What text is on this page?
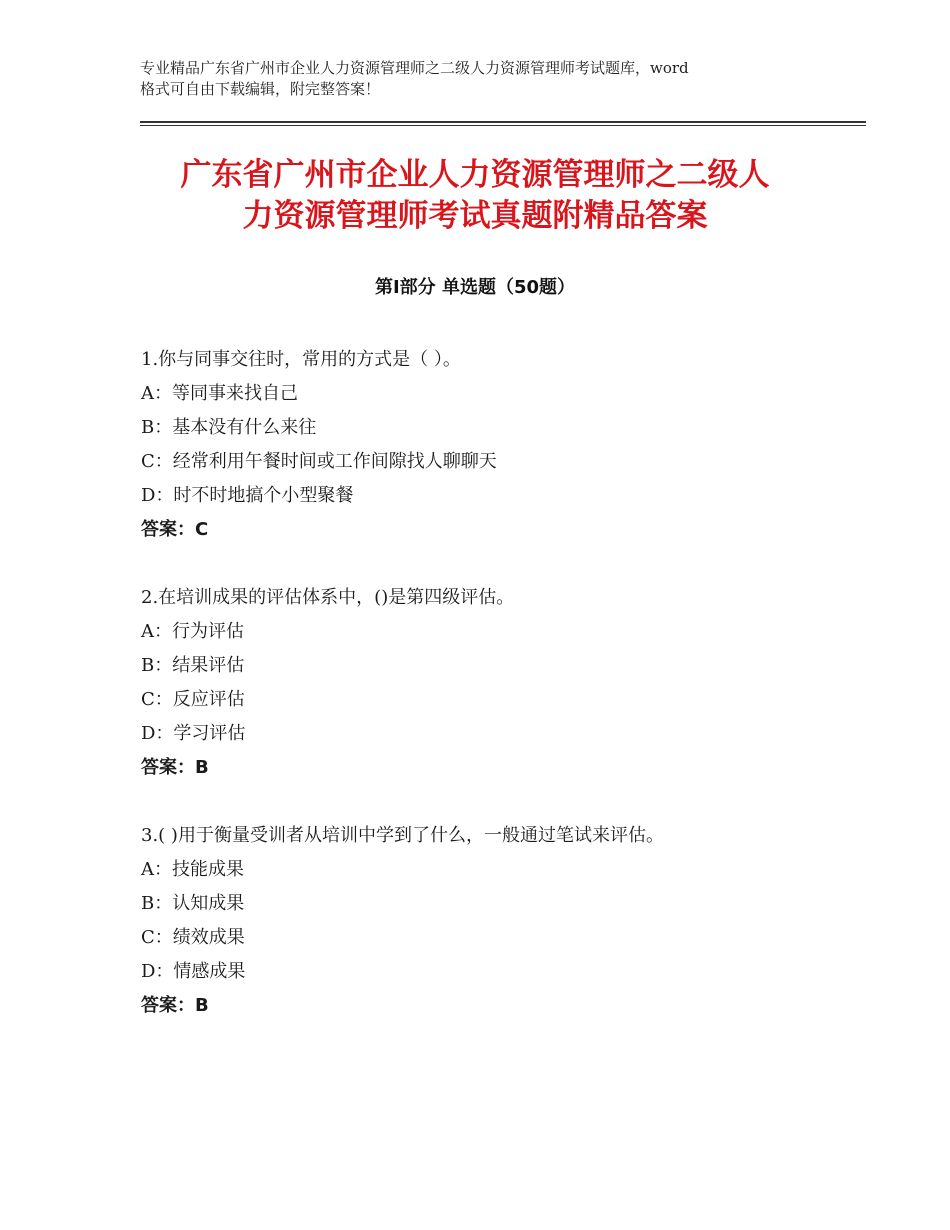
专业精品广东省广州市企业人力资源管理师之二级人力资源管理师考试题库，word
格式可自由下载编辑，附完整答案！
广东省广州市企业人力资源管理师之二级人
力资源管理师考试真题附精品答案
第Ⅰ部分 单选题（50题）
1.你与同事交往时，常用的方式是（ ）。
A：等同事来找自己
B：基本没有什么来往
C：经常利用午餐时间或工作间隙找人聊聊天
D：时不时地搞个小型聚餐
答案：C
2.在培训成果的评估体系中，()是第四级评估。
A：行为评估
B：结果评估
C：反应评估
D：学习评估
答案：B
3.( )用于衡量受训者从培训中学到了什么，一般通过笔试来评估。
A：技能成果
B：认知成果
C：绩效成果
D：情感成果
答案：B
